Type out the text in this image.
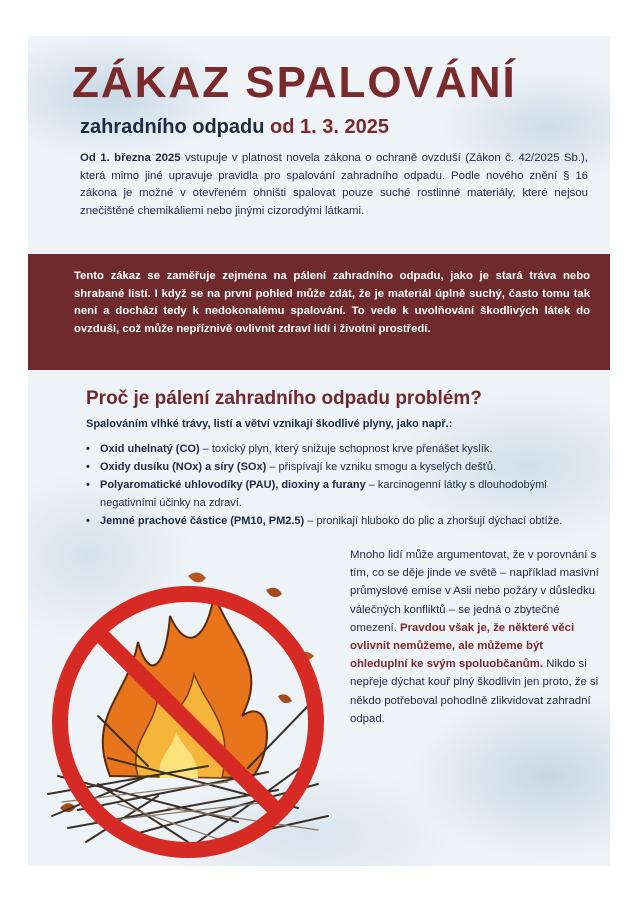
ZÁKAZ SPALOVÁNÍ

zahradního odpadu od 1. 3. 2025

Od 1. března 2025 vstupuje v platnost novela zákona o ochraně ovzduší (Zákon č. 42/2025 Sb.), která mimo jiné upravuje pravidla pro spalování zahradního odpadu. Podle nového znění § 16 zákona je možné v otevřeném ohništi spalovat pouze suché rostlinné materiály, které nejsou znečištěné chemikáliemi nebo jinými cizorodými látkami.

Tento zákaz se zaměřuje zejména na pálení zahradního odpadu, jako je stará tráva nebo shrabané listí. I když se na první pohled může zdát, že je materiál úplně suchý, často tomu tak není a dochází tedy k nedokonalému spalování. To vede k uvolňování škodlivých látek do ovzduší, což může nepříznivě ovlivnit zdraví lidí i životní prostředí.

Proč je pálení zahradního odpadu problém?

Spalováním vlhké trávy, listí a větví vznikají škodlivé plyny, jako např.:

• Oxid uhelnatý (CO) – toxický plyn, který snižuje schopnost krve přenášet kyslík.
• Oxidy dusíku (NOx) a síry (SOx) – přispívají ke vzniku smogu a kyselých dešťů.
• Polyaromatické uhlovodíky (PAU), dioxiny a furany – karcinogenní látky s dlouhodobými negativními účinky na zdraví.
• Jemné prachové částice (PM10, PM2.5) – pronikají hluboko do plic a zhoršují dýchací obtíže.

Mnoho lidí může argumentovat, že v porovnání s tím, co se děje jinde ve světě – například masivní průmyslové emise v Asii nebo požáry v důsledku válečných konfliktů – se jedná o zbytečné omezení. Pravdou však je, že některé věci ovlivnit nemůžeme, ale můžeme být ohleduplní ke svým spoluobčanům. Nikdo si nepřeje dýchat kouř plný škodlivin jen proto, že si někdo potřeboval pohodlně zlikvidovat zahradní odpad.
